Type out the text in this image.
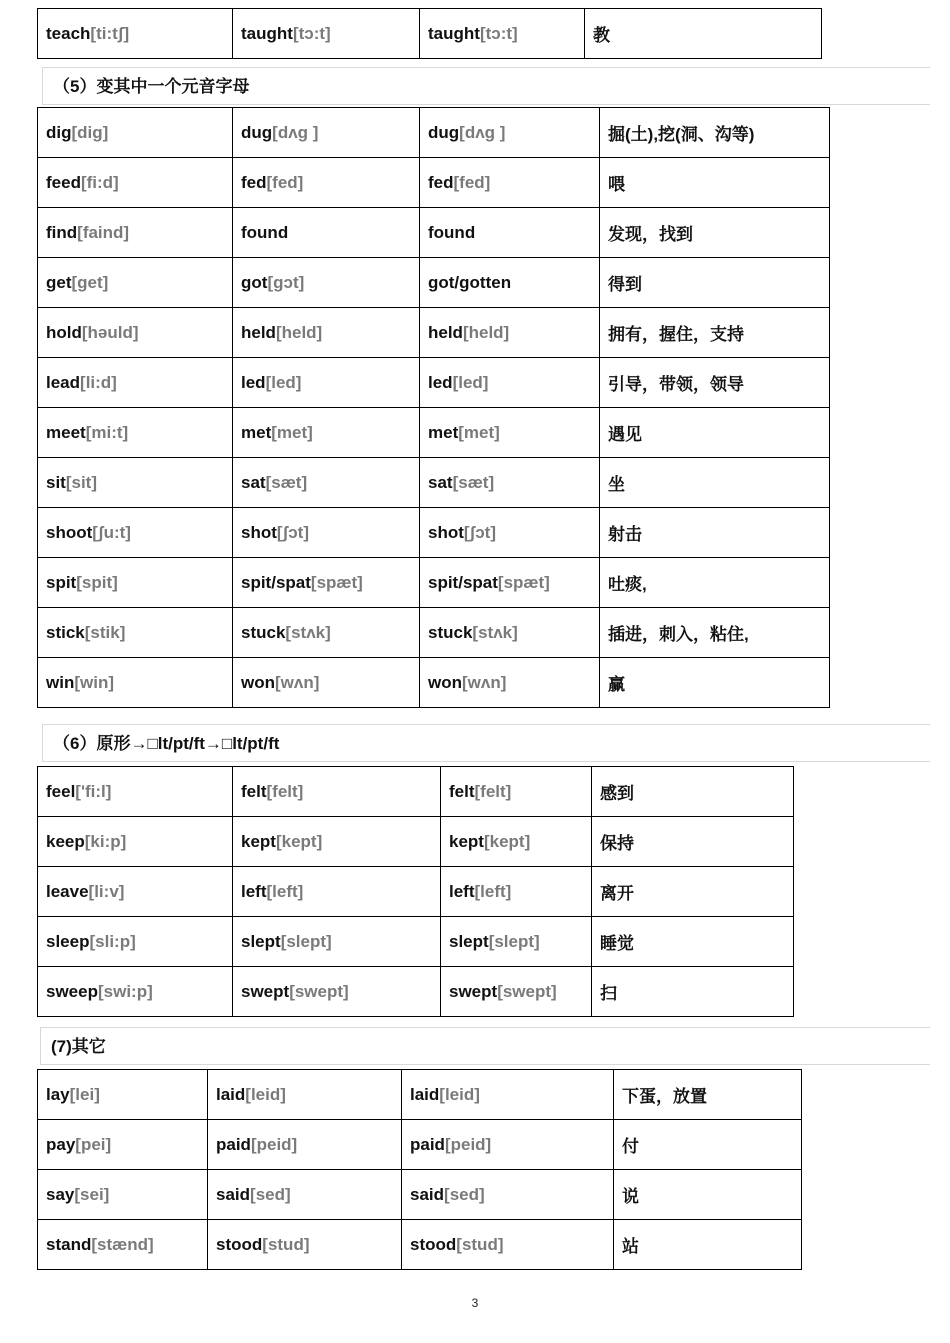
teach[ti:tʃ]	taught[tɔ:t]	taught[tɔ:t]	教
（5）变其中一个元音字母
dig[dig]	dug[dʌg ]	dug[dʌg ]	掘(土),挖(洞、沟等)
feed[fi:d]	fed[fed]	fed[fed]	喂
find[faind]	found	found	发现，找到
get[get]	got[gɔt]	got/gotten	得到
hold[həuld]	held[held]	held[held]	拥有，握住，支持
lead[li:d]	led[led]	led[led]	引导，带领，领导
meet[mi:t]	met[met]	met[met]	遇见
sit[sit]	sat[sæt]	sat[sæt]	坐
shoot[ʃu:t]	shot[ʃɔt]	shot[ʃɔt]	射击
spit[spit]	spit/spat[spæt]	spit/spat[spæt]	吐痰,
stick[stik]	stuck[stʌk]	stuck[stʌk]	插进，刺入，粘住,
win[win]	won[wʌn]	won[wʌn]	赢
（6）原形→□lt/pt/ft→□lt/pt/ft
feel['fi:l]	felt[felt]	felt[felt]	感到
keep[ki:p]	kept[kept]	kept[kept]	保持
leave[li:v]	left[left]	left[left]	离开
sleep[sli:p]	slept[slept]	slept[slept]	睡觉
sweep[swi:p]	swept[swept]	swept[swept]	扫
(7)其它
lay[lei]	laid[leid]	laid[leid]	下蛋，放置
pay[pei]	paid[peid]	paid[peid]	付
say[sei]	said[sed]	said[sed]	说
stand[stænd]	stood[stud]	stood[stud]	站
3
